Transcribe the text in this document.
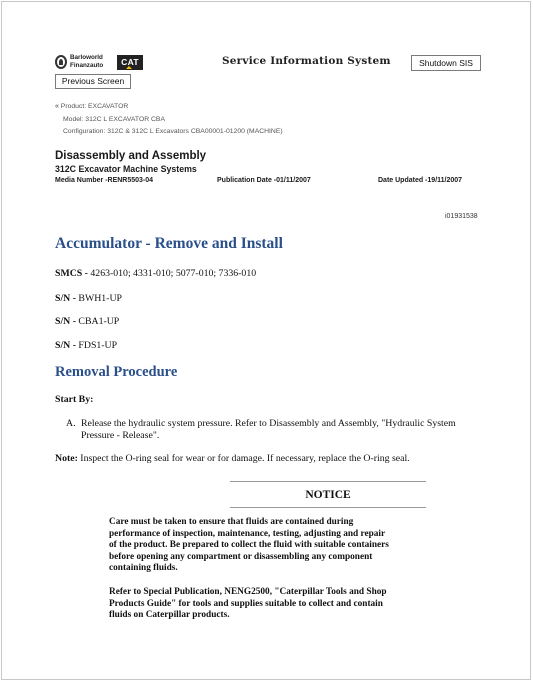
Barloworld Finanzauto	CAT	Service Information System	Shutdown SIS
Previous Screen
« Product: EXCAVATOR
Model: 312C L EXCAVATOR CBA
Configuration: 312C & 312C L Excavators CBA00001-01200 (MACHINE)
Disassembly and Assembly
312C Excavator Machine Systems
Media Number -RENR5503-04	Publication Date -01/11/2007	Date Updated -19/11/2007
i01931538
Accumulator - Remove and Install
SMCS - 4263-010; 4331-010; 5077-010; 7336-010
S/N - BWH1-UP
S/N - CBA1-UP
S/N - FDS1-UP
Removal Procedure
Start By:
A. Release the hydraulic system pressure. Refer to Disassembly and Assembly, "Hydraulic System
Pressure - Release".
Note: Inspect the O-ring seal for wear or for damage. If necessary, replace the O-ring seal.
NOTICE
Care must be taken to ensure that fluids are contained during
performance of inspection, maintenance, testing, adjusting and repair
of the product. Be prepared to collect the fluid with suitable containers
before opening any compartment or disassembling any component
containing fluids.
Refer to Special Publication, NENG2500, "Caterpillar Tools and Shop
Products Guide" for tools and supplies suitable to collect and contain
fluids on Caterpillar products.
